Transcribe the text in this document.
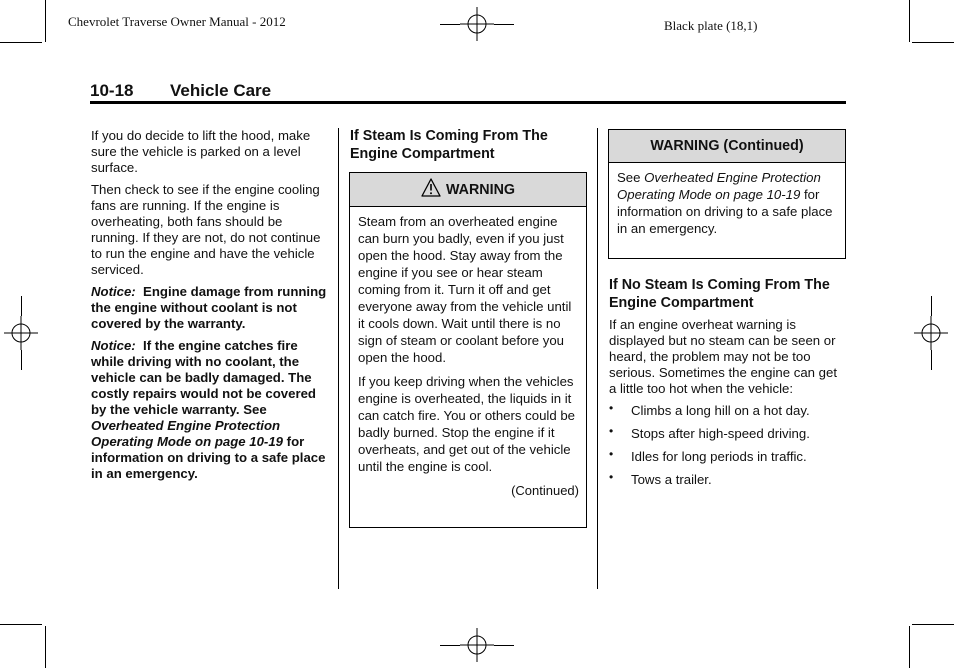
Chevrolet Traverse Owner Manual - 2012	Black plate (18,1)
10-18 Vehicle Care

If you do decide to lift the hood, make sure the vehicle is parked on a level surface.

Then check to see if the engine cooling fans are running. If the engine is overheating, both fans should be running. If they are not, do not continue to run the engine and have the vehicle serviced.

Notice: Engine damage from running the engine without coolant is not covered by the warranty.

Notice: If the engine catches fire while driving with no coolant, the vehicle can be badly damaged. The costly repairs would not be covered by the vehicle warranty. See Overheated Engine Protection Operating Mode on page 10-19 for information on driving to a safe place in an emergency.

If Steam Is Coming From The Engine Compartment
WARNING

Steam from an overheated engine can burn you badly, even if you just open the hood. Stay away from the engine if you see or hear steam coming from it. Turn it off and get everyone away from the vehicle until it cools down. Wait until there is no sign of steam or coolant before you open the hood.

If you keep driving when the vehicles engine is overheated, the liquids in it can catch fire. You or others could be badly burned. Stop the engine if it overheats, and get out of the vehicle until the engine is cool.

(Continued)
WARNING (Continued)

See Overheated Engine Protection Operating Mode on page 10-19 for information on driving to a safe place in an emergency.

If No Steam Is Coming From The Engine Compartment

If an engine overheat warning is displayed but no steam can be seen or heard, the problem may not be too serious. Sometimes the engine can get a little too hot when the vehicle:

• Climbs a long hill on a hot day.
• Stops after high-speed driving.
• Idles for long periods in traffic.
• Tows a trailer.
